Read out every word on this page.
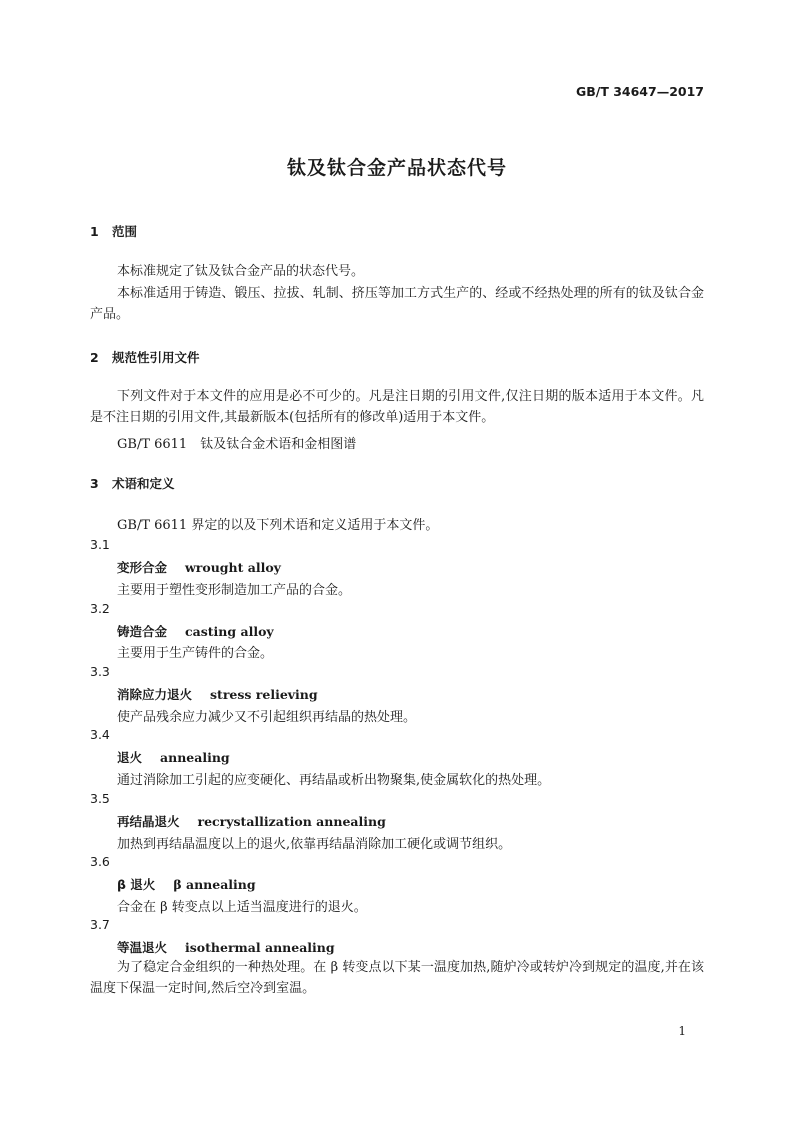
GB/T 34647—2017
钛及钛合金产品状态代号
1 范围

本标准规定了钛及钛合金产品的状态代号。

本标准适用于铸造、锻压、拉拔、轧制、挤压等加工方式生产的、经或不经热处理的所有的钛及钛合金产品。

2 规范性引用文件

下列文件对于本文件的应用是必不可少的。凡是注日期的引用文件,仅注日期的版本适用于本文件。凡是不注日期的引用文件,其最新版本(包括所有的修改单)适用于本文件。

GB/T 6611　钛及钛合金术语和金相图谱
3 术语和定义
GB/T 6611 界定的以及下列术语和定义适用于本文件。
3.1
变形合金 wrought alloy
主要用于塑性变形制造加工产品的合金。
3.2
铸造合金 casting alloy
主要用于生产铸件的合金。
3.3
消除应力退火 stress relieving
使产品残余应力减少又不引起组织再结晶的热处理。
3.4
退火 annealing
通过消除加工引起的应变硬化、再结晶或析出物聚集,使金属软化的热处理。
3.5
再结晶退火 recrystallization annealing
加热到再结晶温度以上的退火,依靠再结晶消除加工硬化或调节组织。
3.6
β 退火 β annealing
合金在 β 转变点以上适当温度进行的退火。
3.7
等温退火 isothermal annealing

为了稳定合金组织的一种热处理。在 β 转变点以下某一温度加热,随炉冷或转炉冷到规定的温度,并在该温度下保温一定时间,然后空冷到室温。

1
